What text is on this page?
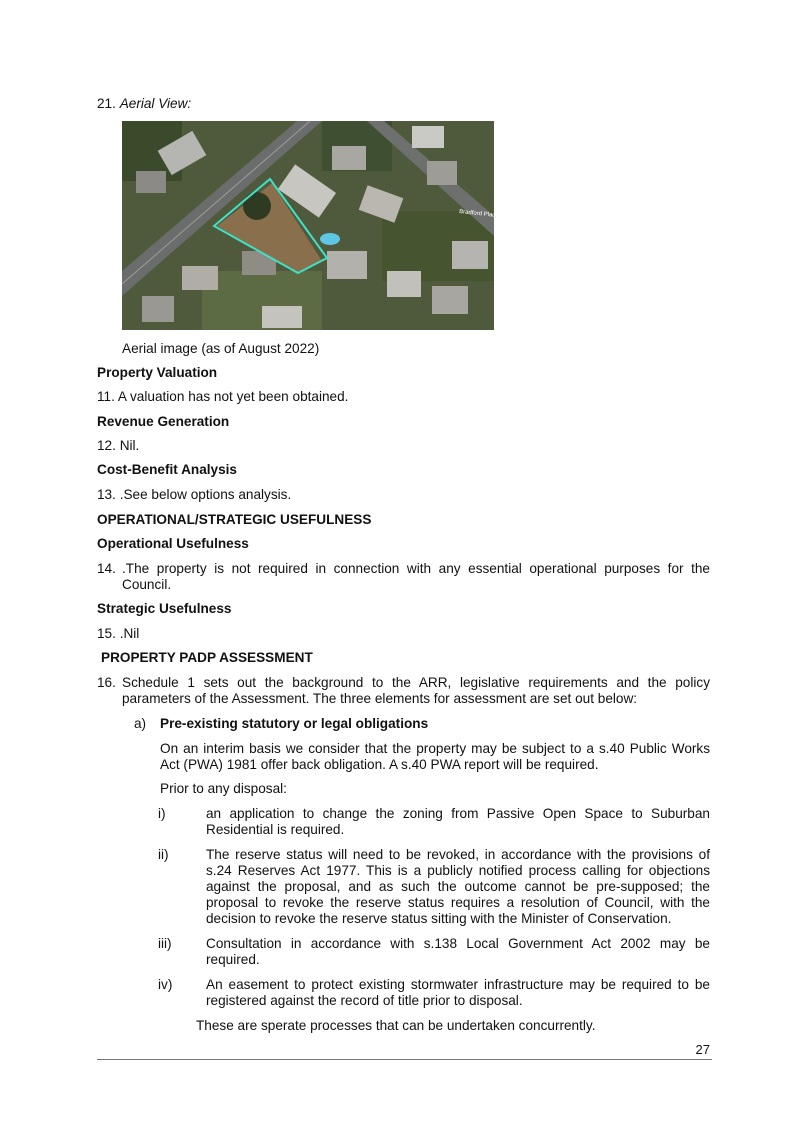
21. Aerial View:
Bradford Place
Aerial image (as of August 2022)
Property Valuation
11. A valuation has not yet been obtained.
Revenue Generation
12. Nil.
Cost-Benefit Analysis
13. .See below options analysis.
OPERATIONAL/STRATEGIC USEFULNESS
Operational Usefulness
14. .The property is not required in connection with any essential operational purposes for the
Council.
Strategic Usefulness
15. .Nil
PROPERTY PADP ASSESSMENT
16. Schedule 1 sets out the background to the ARR, legislative requirements and the policy
parameters of the Assessment. The three elements for assessment are set out below:
a) Pre-existing statutory or legal obligations
On an interim basis we consider that the property may be subject to a s.40 Public Works
Act (PWA) 1981 offer back obligation. A s.40 PWA report will be required.
Prior to any disposal:
i)	an application to change the zoning from Passive Open Space to Suburban
Residential is required.
ii)	The reserve status will need to be revoked, in accordance with the provisions of
s.24 Reserves Act 1977. This is a publicly notified process calling for objections
against the proposal, and as such the outcome cannot be pre-supposed; the
proposal to revoke the reserve status requires a resolution of Council, with the
decision to revoke the reserve status sitting with the Minister of Conservation.
iii)	Consultation in accordance with s.138 Local Government Act 2002 may be
required.
iv) An easement to protect existing stormwater infrastructure may be required to be
registered against the record of title prior to disposal.
These are sperate processes that can be undertaken concurrently.
27
